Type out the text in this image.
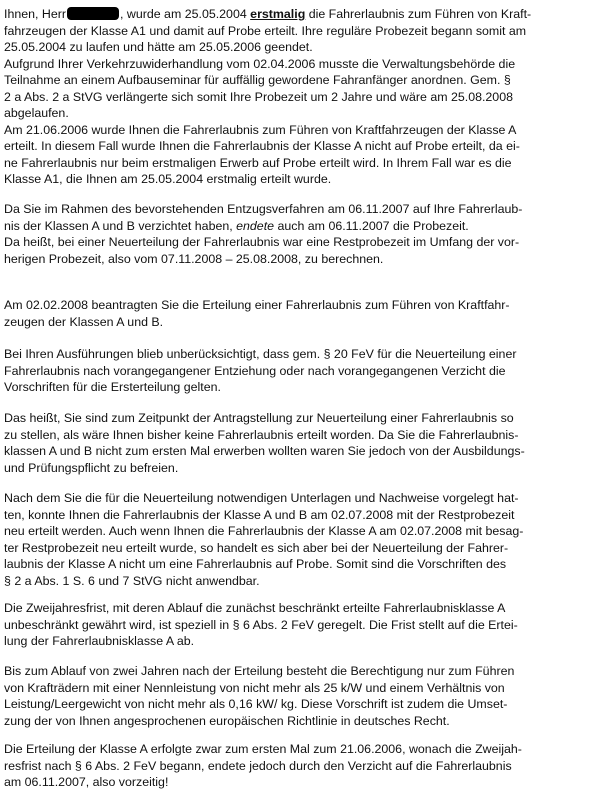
Ihnen, Herr	, wurde am 25.05.2004 erstmalig die Fahrerlaubnis zum Führen von Kraft-
fahrzeugen der Klasse A1 und damit auf Probe erteilt. Ihre reguläre Probezeit begann somit am
25.05.2004 zu laufen und hätte am 25.05.2006 geendet.
Aufgrund Ihrer Verkehrzuwiderhandlung vom 02.04.2006 musste die Verwaltungsbehörde die
Teilnahme an einem Aufbauseminar für auffällig gewordene Fahranfänger anordnen. Gem. §
2 a Abs. 2 a StVG verlängerte sich somit Ihre Probezeit um 2 Jahre und wäre am 25.08.2008
abgelaufen.
Am 21.06.2006 wurde Ihnen die Fahrerlaubnis zum Führen von Kraftfahrzeugen der Klasse A
erteilt. In diesem Fall wurde Ihnen die Fahrerlaubnis der Klasse A nicht auf Probe erteilt, da ei-
ne Fahrerlaubnis nur beim erstmaligen Erwerb auf Probe erteilt wird. In Ihrem Fall war es die
Klasse A1, die Ihnen am 25.05.2004 erstmalig erteilt wurde.
Da Sie im Rahmen des bevorstehenden Entzugsverfahren am 06.11.2007 auf Ihre Fahrerlaub-
nis der Klassen A und B verzichtet haben, endete auch am 06.11.2007 die Probezeit.
Da heißt, bei einer Neuerteilung der Fahrerlaubnis war eine Restprobezeit im Umfang der vor-
herigen Probezeit, also vom 07.11.2008 – 25.08.2008, zu berechnen.
Am 02.02.2008 beantragten Sie die Erteilung einer Fahrerlaubnis zum Führen von Kraftfahr-
zeugen der Klassen A und B.
Bei Ihren Ausführungen blieb unberücksichtigt, dass gem. § 20 FeV für die Neuerteilung einer
Fahrerlaubnis nach vorangegangener Entziehung oder nach vorangegangenen Verzicht die
Vorschriften für die Ersterteilung gelten.
Das heißt, Sie sind zum Zeitpunkt der Antragstellung zur Neuerteilung einer Fahrerlaubnis so
zu stellen, als wäre Ihnen bisher keine Fahrerlaubnis erteilt worden. Da Sie die Fahrerlaubnis-
klassen A und B nicht zum ersten Mal erwerben wollten waren Sie jedoch von der Ausbildungs-
und Prüfungspflicht zu befreien.
Nach dem Sie die für die Neuerteilung notwendigen Unterlagen und Nachweise vorgelegt hat-
ten, konnte Ihnen die Fahrerlaubnis der Klasse A und B am 02.07.2008 mit der Restprobezeit
neu erteilt werden. Auch wenn Ihnen die Fahrerlaubnis der Klasse A am 02.07.2008 mit besag-
ter Restprobezeit neu erteilt wurde, so handelt es sich aber bei der Neuerteilung der Fahrer-
laubnis der Klasse A nicht um eine Fahrerlaubnis auf Probe. Somit sind die Vorschriften des
§ 2 a Abs. 1 S. 6 und 7 StVG nicht anwendbar.
Die Zweijahresfrist, mit deren Ablauf die zunächst beschränkt erteilte Fahrerlaubnisklasse A
unbeschränkt gewährt wird, ist speziell in § 6 Abs. 2 FeV geregelt. Die Frist stellt auf die Ertei-
lung der Fahrerlaubnisklasse A ab.
Bis zum Ablauf von zwei Jahren nach der Erteilung besteht die Berechtigung nur zum Führen
von Krafträdern mit einer Nennleistung von nicht mehr als 25 k/W und einem Verhältnis von
Leistung/Leergewicht von nicht mehr als 0,16 kW/ kg. Diese Vorschrift ist zudem die Umset-
zung der von Ihnen angesprochenen europäischen Richtlinie in deutsches Recht.
Die Erteilung der Klasse A erfolgte zwar zum ersten Mal zum 21.06.2006, wonach die Zweijah-
resfrist nach § 6 Abs. 2 FeV begann, endete jedoch durch den Verzicht auf die Fahrerlaubnis
am 06.11.2007, also vorzeitig!
